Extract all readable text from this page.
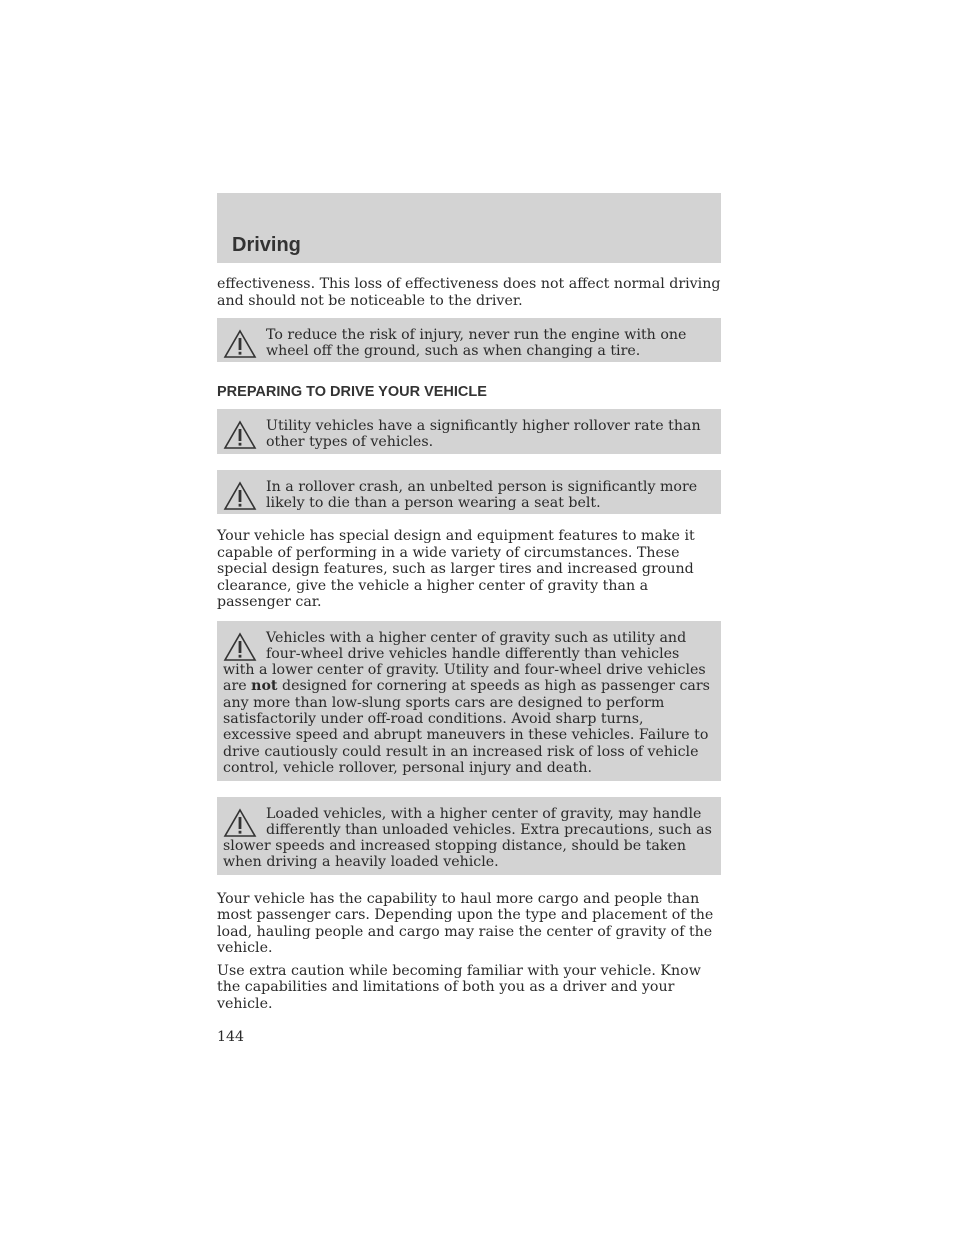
Driving

effectiveness. This loss of effectiveness does not affect normal driving and should not be noticeable to the driver.

To reduce the risk of injury, never run the engine with one wheel off the ground, such as when changing a tire.
PREPARING TO DRIVE YOUR VEHICLE
Utility vehicles have a significantly higher rollover rate than other types of vehicles.
In a rollover crash, an unbelted person is significantly more likely to die than a person wearing a seat belt.

Your vehicle has special design and equipment features to make it capable of performing in a wide variety of circumstances. These special design features, such as larger tires and increased ground clearance, give the vehicle a higher center of gravity than a passenger car.

Vehicles with a higher center of gravity such as utility and four-wheel drive vehicles handle differently than vehicles with a lower center of gravity. Utility and four-wheel drive vehicles are not designed for cornering at speeds as high as passenger cars any more than low-slung sports cars are designed to perform satisfactorily under off-road conditions. Avoid sharp turns, excessive speed and abrupt maneuvers in these vehicles. Failure to drive cautiously could result in an increased risk of loss of vehicle control, vehicle rollover, personal injury and death.
Loaded vehicles, with a higher center of gravity, may handle differently than unloaded vehicles. Extra precautions, such as slower speeds and increased stopping distance, should be taken when driving a heavily loaded vehicle.

Your vehicle has the capability to haul more cargo and people than most passenger cars. Depending upon the type and placement of the load, hauling people and cargo may raise the center of gravity of the vehicle.

Use extra caution while becoming familiar with your vehicle. Know the capabilities and limitations of both you as a driver and your vehicle.

144
